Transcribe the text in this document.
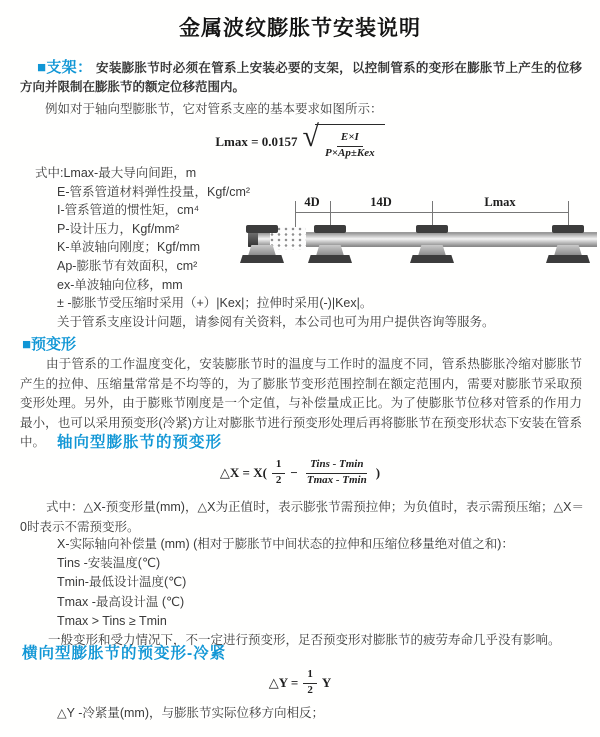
金属波纹膨胀节安装说明
■支架： 安装膨胀节时必须在管系上安装必要的支架，以控制管系的变形在膨胀节上产生的位移方向并限制在膨胀节的额定位移范围内。
例如对于轴向型膨胀节，它对管系支座的基本要求如图所示：
Lmax = 0.0157 √ $\frac{E\times I}{\text{P×Ap±Kex}}$
式中:Lmax-最大导向间距，m
E-管系管道材料弹性投量，Kgf/cm²
I-管系管道的惯性矩，cm⁴
P-设计压力，Kgf/mm²
K-单波轴向刚度；Kgf/mm
Ap-膨胀节有效面积，cm²
ex-单波轴向位移，mm
± -膨胀节受压缩时采用（+）|Kex|；拉伸时采用(-)|Kex|。
关于管系支座设计问题，请参阅有关资料，本公司也可为用户提供咨询等服务。
4D	14D	Lmax
■预变形
由于管系的工作温度变化，安装膨胀节时的温度与工作时的温度不同，管系热膨胀冷缩对膨胀节产生的拉伸、压缩量常常是不均等的，为了膨胀节变形范围控制在额定范围内，需要对膨胀节采取预变形处理。另外，由于膨账节刚度是一个定值，与补偿量成正比。为了使膨胀节位移对管系的作用力最小，也可以采用预变形(冷紧)方让对膨胀节进行预变形处理后再将膨胀节在预变形状态下安装在管系中。 轴向型膨胀节的预变形
△X = $X( \frac{1}{2} - \frac{\text{Tins - Tmin}}{Tmax - Tmin}$ )
式中：△X-预变形量(mm)，△X为正值时，表示膨张节需预拉伸；为负值时，表示需预压缩；△X＝0时表示不需预变形。
X-实际轴向补偿量 (mm) (相对于膨胀节中间状态的拉伸和压缩位移量绝对值之和)：
Tins -安装温度(℃)
Tmin-最低设计温度(℃)
Tmax -最高设计温 (℃)
Tmax > Tins ≥ Tmin
一般变形和受力情况下，不一定进行预变形，足否预变形对膨胀节的疲劳寿命几乎没有影响。
横向型膨胀节的预变形-冷紧
△Y = $\frac{1}{2}$ Y
△Y -冷紧量(mm)，与膨胀节实际位移方向相反；
